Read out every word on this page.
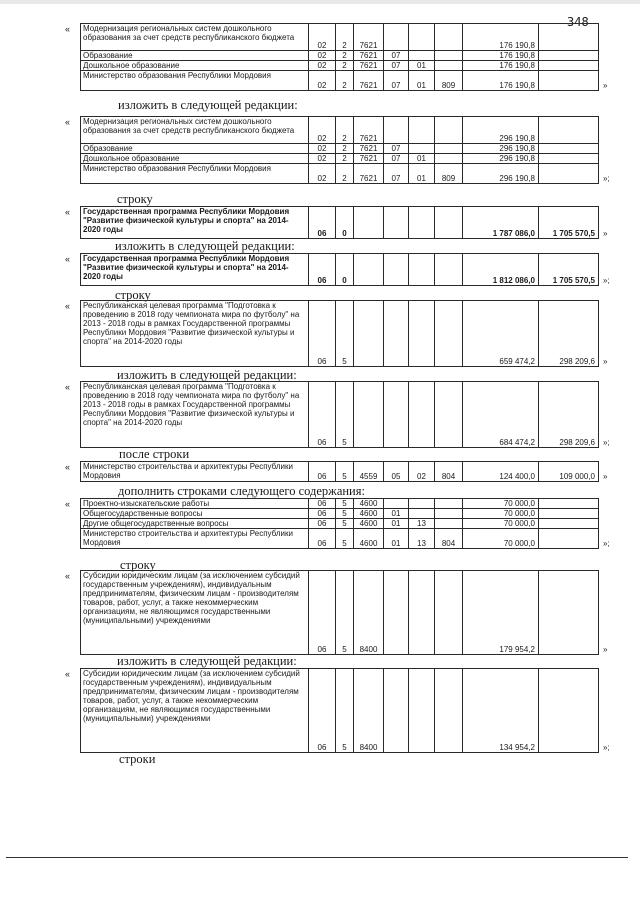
348
Модернизация региональных систем дошкольного образования за счет средств республиканского бюджета	02	2	7621				176 190,8	
Образование	02	2	7621	07			176 190,8	
Дошкольное образование	02	2	7621	07	01		176 190,8	
Министерство образования Республики Мордовия	02	2	7621	07	01	809	176 190,8	
«
»
изложить в следующей редакции:
Модернизация региональных систем дошкольного образования за счет средств республиканского бюджета	02	2	7621				296 190,8	
Образование	02	2	7621	07			296 190,8	
Дошкольное образование	02	2	7621	07	01		296 190,8	
Министерство образования Республики Мордовия	02	2	7621	07	01	809	296 190,8	
«
»;
строку
Государственная программа Республики Мордовия "Развитие физической культуры и спорта" на 2014-2020 годы	06	0					1 787 086,0	1 705 570,5
«
»
изложить в следующей редакции:
Государственная программа Республики Мордовия "Развитие физической культуры и спорта" на 2014-2020 годы	06	0					1 812 086,0	1 705 570,5
«
»;
строку
Республиканская целевая программа "Подготовка к проведению в 2018 году чемпионата мира по футболу" на 2013 - 2018 годы в рамках Государственной программы Республики Мордовия "Развитие физической культуры и спорта" на 2014-2020 годы	06	5					659 474,2	298 209,6
«
»
изложить в следующей редакции:
Республиканская целевая программа "Подготовка к проведению в 2018 году чемпионата мира по футболу" на 2013 - 2018 годы в рамках Государственной программы Республики Мордовия "Развитие физической культуры и спорта" на 2014-2020 годы	06	5					684 474,2	298 209,6
«
»;
после строки
Министерство строительства и архитектуры Республики Мордовия	06	5	4559	05	02	804	124 400,0	109 000,0
«
»
дополнить строками следующего содержания:
Проектно-изыскательские работы	06	5	4600				70 000,0	
Общегосударственные вопросы	06	5	4600	01			70 000,0	
Другие общегосударственные вопросы	06	5	4600	01	13		70 000,0	
Министерство строительства и архитектуры Республики Мордовия	06	5	4600	01	13	804	70 000,0	
«
»;
строку
Субсидии юридическим лицам (за исключением субсидий государственным учреждениям), индивидуальным предпринимателям, физическим лицам - производителям товаров, работ, услуг, а также некоммерческим организациям, не являющимся государственными (муниципальными) учреждениями	06	5	8400				179 954,2	
«
»
изложить в следующей редакции:
Субсидии юридическим лицам (за исключением субсидий государственным учреждениям), индивидуальным предпринимателям, физическим лицам - производителям товаров, работ, услуг, а также некоммерческим организациям, не являющимся государственными (муниципальными) учреждениями	06	5	8400				134 954,2	
«
»;
строки
